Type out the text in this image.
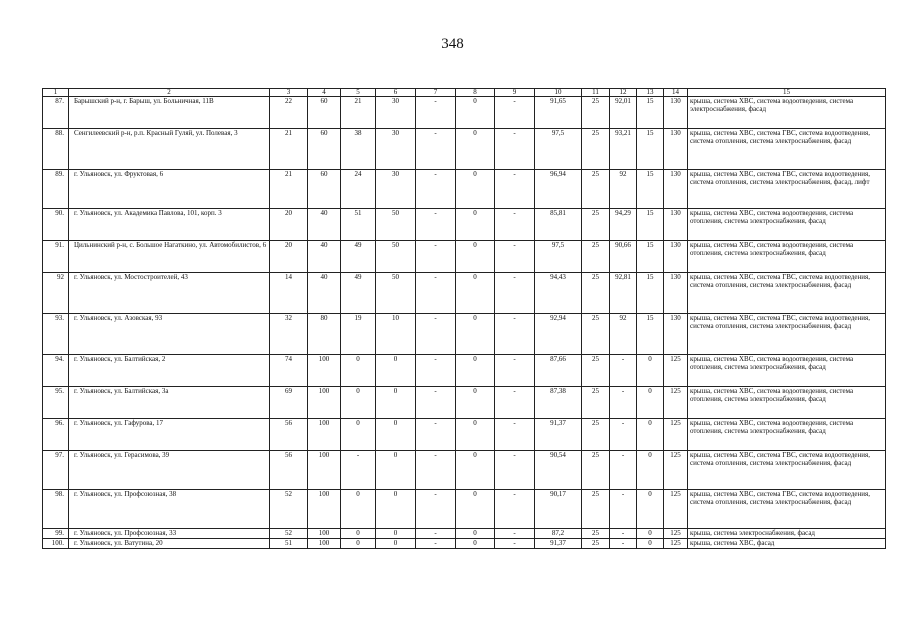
348
1	2	3	4	5	6	7	8	9	10	11	12	13	14	15
87.	Барышский р-н, г. Барыш, ул. Больничная, 11В	22	60	21	30	-	0	-	91,65	25	92,01	15	130	крыша, система ХВС, система водоотведения, система электроснабжения, фасад
88.	Сенгилеевский р-н, р.п. Красный Гуляй, ул. Полевая, 3	21	60	38	30	-	0	-	97,5	25	93,21	15	130	крыша, система ХВС, система ГВС, система водоотведения, система отопления, система электроснабжения, фасад
89.	г. Ульяновск, ул. Фруктовая, 6	21	60	24	30	-	0	-	96,94	25	92	15	130	крыша, система ХВС, система ГВС, система водоотведения, система отопления, система электроснабжения, фасад, лифт
90.	г. Ульяновск, ул. Академика Павлова, 101, корп. 3	20	40	51	50	-	0	-	85,81	25	94,29	15	130	крыша, система ХВС, система водоотведения, система отопления, система электроснабжения, фасад
91.	Цильнинский р-н, с. Большое Нагаткино, ул. Автомобилистов, 6	20	40	49	50	-	0	-	97,5	25	90,66	15	130	крыша, система ХВС, система водоотведения, система отопления, система электроснабжения, фасад
92	г. Ульяновск, ул. Мостостроителей, 43	14	40	49	50	-	0	-	94,43	25	92,81	15	130	крыша, система ХВС, система ГВС, система водоотведения, система отопления, система электроснабжения, фасад
93.	г. Ульяновск, ул. Азовская, 93	32	80	19	10	-	0	-	92,94	25	92	15	130	крыша, система ХВС, система ГВС, система водоотведения, система отопления, система электроснабжения, фасад
94.	г. Ульяновск, ул. Балтийская, 2	74	100	0	0	-	0	-	87,66	25	-	0	125	крыша, система ХВС, система водоотведения, система отопления, система электроснабжения, фасад
95.	г. Ульяновск, ул. Балтийская, 3а	69	100	0	0	-	0	-	87,38	25	-	0	125	крыша, система ХВС, система водоотведения, система отопления, система электроснабжения, фасад
96.	г. Ульяновск, ул. Гафурова, 17	56	100	0	0	-	0	-	91,37	25	-	0	125	крыша, система ХВС, система водоотведения, система отопления, система электроснабжения, фасад
97.	г. Ульяновск, ул. Герасимова, 39	56	100	-	0	-	0	-	90,54	25	-	0	125	крыша, система ХВС, система ГВС, система водоотведения, система отопления, система электроснабжения, фасад
98.	г. Ульяновск, ул. Профсоюзная, 38	52	100	0	0	-	0	-	90,17	25	-	0	125	крыша, система ХВС, система ГВС, система водоотведения, система отопления, система электроснабжения, фасад
99.	г. Ульяновск, ул. Профсоюзная, 33	52	100	0	0	-	0	-	87,2	25	-	0	125	крыша, система электроснабжения, фасад
100.	г. Ульяновск, ул. Ватутина, 20	51	100	0	0	-	0	-	91,37	25	-	0	125	крыша, система ХВС, фасад
